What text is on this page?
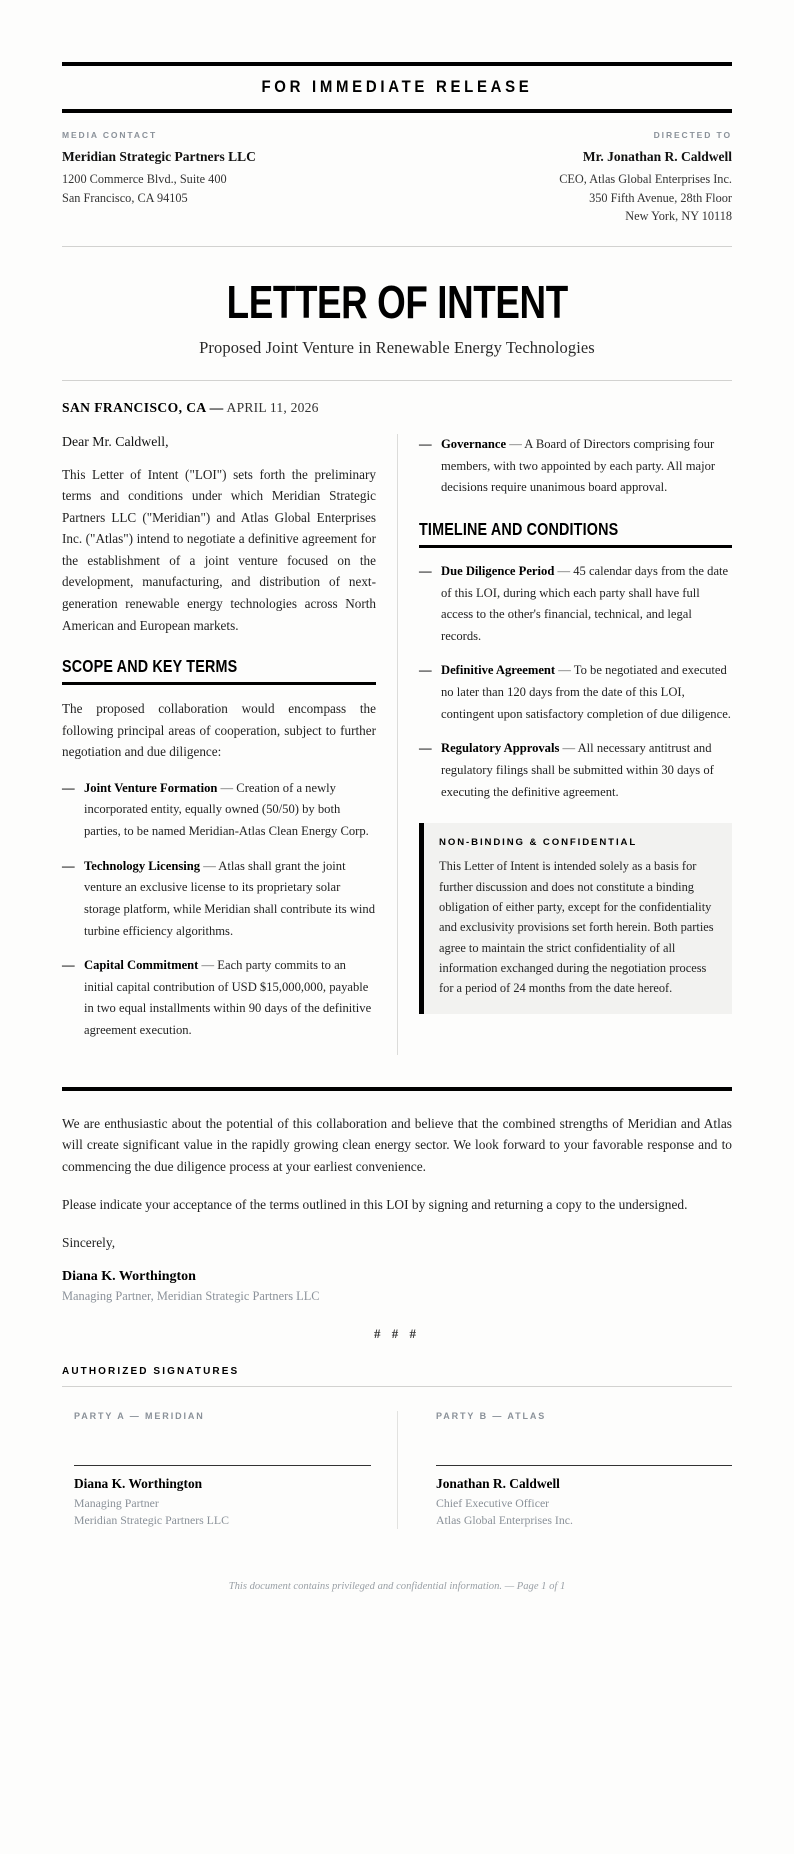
FOR IMMEDIATE RELEASE
MEDIA CONTACT
Meridian Strategic Partners LLC
1200 Commerce Blvd., Suite 400
San Francisco, CA 94105
DIRECTED TO
Mr. Jonathan R. Caldwell
CEO, Atlas Global Enterprises Inc.
350 Fifth Avenue, 28th Floor
New York, NY 10118
LETTER OF INTENT
Proposed Joint Venture in Renewable Energy Technologies
SAN FRANCISCO, CA — APRIL 11, 2026

Dear Mr. Caldwell,

This Letter of Intent ("LOI") sets forth the preliminary terms and conditions under which Meridian Strategic Partners LLC ("Meridian") and Atlas Global Enterprises Inc. ("Atlas") intend to negotiate a definitive agreement for the establishment of a joint venture focused on the development, manufacturing, and distribution of next-generation renewable energy technologies across North American and European markets.

SCOPE AND KEY TERMS

The proposed collaboration would encompass the following principal areas of cooperation, subject to further negotiation and due diligence:

— Joint Venture Formation — Creation of a newly incorporated entity, equally owned (50/50) by both parties, to be named Meridian-Atlas Clean Energy Corp.
— Technology Licensing — Atlas shall grant the joint venture an exclusive license to its proprietary solar storage platform, while Meridian shall contribute its wind turbine efficiency algorithms.
— Capital Commitment — Each party commits to an initial capital contribution of USD $15,000,000, payable in two equal installments within 90 days of the definitive agreement execution.
— Governance — A Board of Directors comprising four members, with two appointed by each party. All major decisions require unanimous board approval.
TIMELINE AND CONDITIONS
— Due Diligence Period — 45 calendar days from the date of this LOI, during which each party shall have full access to the other's financial, technical, and legal records.
— Definitive Agreement — To be negotiated and executed no later than 120 days from the date of this LOI, contingent upon satisfactory completion of due diligence.
— Regulatory Approvals — All necessary antitrust and regulatory filings shall be submitted within 30 days of executing the definitive agreement.
NON-BINDING & CONFIDENTIAL

This Letter of Intent is intended solely as a basis for further discussion and does not constitute a binding obligation of either party, except for the confidentiality and exclusivity provisions set forth herein. Both parties agree to maintain the strict confidentiality of all information exchanged during the negotiation process for a period of 24 months from the date hereof.

We are enthusiastic about the potential of this collaboration and believe that the combined strengths of Meridian and Atlas will create significant value in the rapidly growing clean energy sector. We look forward to your favorable response and to commencing the due diligence process at your earliest convenience.

Please indicate your acceptance of the terms outlined in this LOI by signing and returning a copy to the undersigned.

Sincerely,

Diana K. Worthington
Managing Partner, Meridian Strategic Partners LLC
# # #
AUTHORIZED SIGNATURES
PARTY A — MERIDIAN
Diana K. Worthington
Managing Partner
Meridian Strategic Partners LLC
PARTY B — ATLAS
Jonathan R. Caldwell
Chief Executive Officer
Atlas Global Enterprises Inc.
This document contains privileged and confidential information. — Page 1 of 1
